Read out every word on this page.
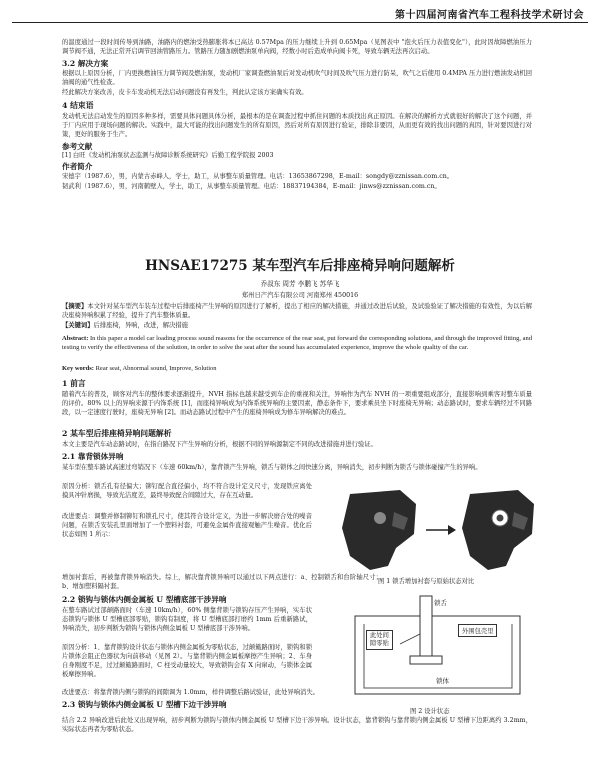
第十四届河南省汽车工程科技学术研讨会

的温度通过一段时间传导到油路，油路内的燃油受热膨胀将本已高达 0.57Mpa 的压力继续上升到 0.65Mpa（见图表中 "泡火后压力表值变化"），此时因故障燃油压力调节阀不通，无法正常开启调节回油管路压力。管路压力随加剧燃油泵单向阀，经数小时后造成单向阀卡死，导致车辆无法再次启动。

3.2 解决方案

根据以上原因分析，厂内更换燃油压力调节阀及燃油泵，发动机厂家调查燃油泵后对发动机吹气时间及吹气压力进行防呆，吹气之后使用 0.4MPA 压力进行燃油发动机回油阀的通气性检查。

经此解决方案改善，皮卡车发动机无法启动问题没有再发生，判此认定该方案确实有效。

4 结束语

发动机无法启动发生的原因多种多样，需要具体问题具体分析，最根本的是在调查过程中抓住问题的本质找出真正原因。在解决的解析方式就很好的解决了这个问题，并于厂内应用于现场问题的解决。实践中，最大可能的找出问题发生的所有原因，然后对所有原因进行验证，排除非要因，从而更有效的找出问题的真因，针对要因进行对策，更好的服务于生产。

参考文献

[1] 白旺《发动机油泵状态监测与故障诊断系统研究》后勤工程学院报 2003

作者简介

宋德宇（1987.6），男，内蒙古赤峰人，学士，助工，从事整车质量管理。电话：13653867298，E-mail：songdy@zznissan.com.cn。

韧武利（1987.6），男，河南鹤壁人，学士，助工，从事整车质量管理。电话：18837194384，E-mail：jinws@zznissan.com.cn。

HNSAE17275 某车型汽车后排座椅异响问题解析
乔叔东 周芳 李鹏飞 苏华飞
郑州日产汽车有限公司 河南郑州 450016

【摘要】本文针对某车型汽车装车过程中后排座椅产生异响的原因进行了解析，提出了相应的解决措施，并通过改进后试验，及试验验证了解决措施的有效性，为以后解决座椅异响积累了经验，提升了汽车整体质量。

【关键词】后排座椅，异响，改进，解决措施

Abstract: In this paper a model car loading process sound reasons for the occurrence of the rear seat, put forward the corresponding solutions, and through the improved fitting, and testing to verify the effectiveness of the solution, in order to solve the seat after the sound has accumulated experience, improve the whole quality of the car.

Key words: Rear seat, Abnormal sound, Improve, Solution

1 前言

随着汽车的普及，顾客对汽车的整体要求逐渐提升，NVH 指标也越来越受到车企的重视和关注，异响作为汽车 NVH 的一项重要组成部分，直接影响到乘客对整车质量的评价。80% 以上的异响来源于内饰系统 [1]，而座椅异响成为内饰系统异响的主要因素，静态条件下，要求乘员坐下时座椅无异响；动态路试时，要求车辆经过不同路段，以一定速度行驶时，座椅无异响 [2]。而动态路试过程中产生的座椅异响成为修车异响解决的难点。

2 某车型后排座椅异响问题解析

本文主要是汽车动态路试时，在指自路况下产生异响的分析，根据不同的异响源制定不同的改进措施并进行验证。

2.1 靠背锁体异响

某车型在整车路试高速过弯销况下（车速 60km/h），靠背锁产生异响，锁舌与锁体之间快速分离，异响消失，初步判断为锁舌与锁体碰撞产生的异响。

原因分析：锁舌孔有径偏大；铆钉配合直径偏小，均不符合设计定义尺寸，发现铁应离处摸具冲针磨损，导致光洁度差，最终导致配合间隙过大，存在互动量。

改进要点：调整并修制铆钉和锁孔尺寸，使其符合设计定义，为进一步解决磨合处的噪音问题，在锁舌安装孔里面增加了一个塑料衬套，可避免金属件直接观触产生噪音。优化后状态如图 1 所示：

图 1 锁舌增加衬套与原始状态对比

增加衬套后，再被靠背锁异响消失。综上，解决靠背锁异响可以通过以下两点进行：a、控制锁舌和台阶轴尺寸；b、增加塑料隔衬套。

2.2 锁钩与锁体内侧金属板 U 型槽底部干涉异响

在整车路试过部颠路面时（车速 10km/h），60% 侧靠背锁与锁钩存压产生异响，实车状态锁钩与锁体 U 型槽底部零贴，锁钩有制度，将 U 型槽底部打磨约 1mm 后重新路试，异响消失，初步判断为锁钩与锁体内侧金属板 U 型槽底部干涉异响。

原因分析：1、靠背锁钩设计状态与锁体内侧金属板为零贴状态，过颠簸路面时，锁钩和锁片锁体会阻正色器状为向前移动（见图 2）。与靠背锁内侧金属板摩擦产生异响；2、车身自身刚度不足，过过颠簸路面时，C 柱受动量较大，导致锁钩会有 X 向窜动，与锁体金属板摩擦异响。

锁舌
此处间
隙零贴
外围包壳里
锁体
图 2 设计状态

改进要点：将靠背锁内侧与锁钩的间隙调为 1.0mm，样件调整后路试验证，此处异响消失。

2.3 锁钩与锁体内侧金属板 U 型槽下边干涉异响

结合 2.2 异响改进后此处又出现异响，初步判断为锁钩与锁体内侧金属板 U 型槽下边干涉异响。设计状态，靠背锁钩与靠背锁内侧金属板 U 型槽下边距离约 3.2mm，实际状态再者为零贴状态。
